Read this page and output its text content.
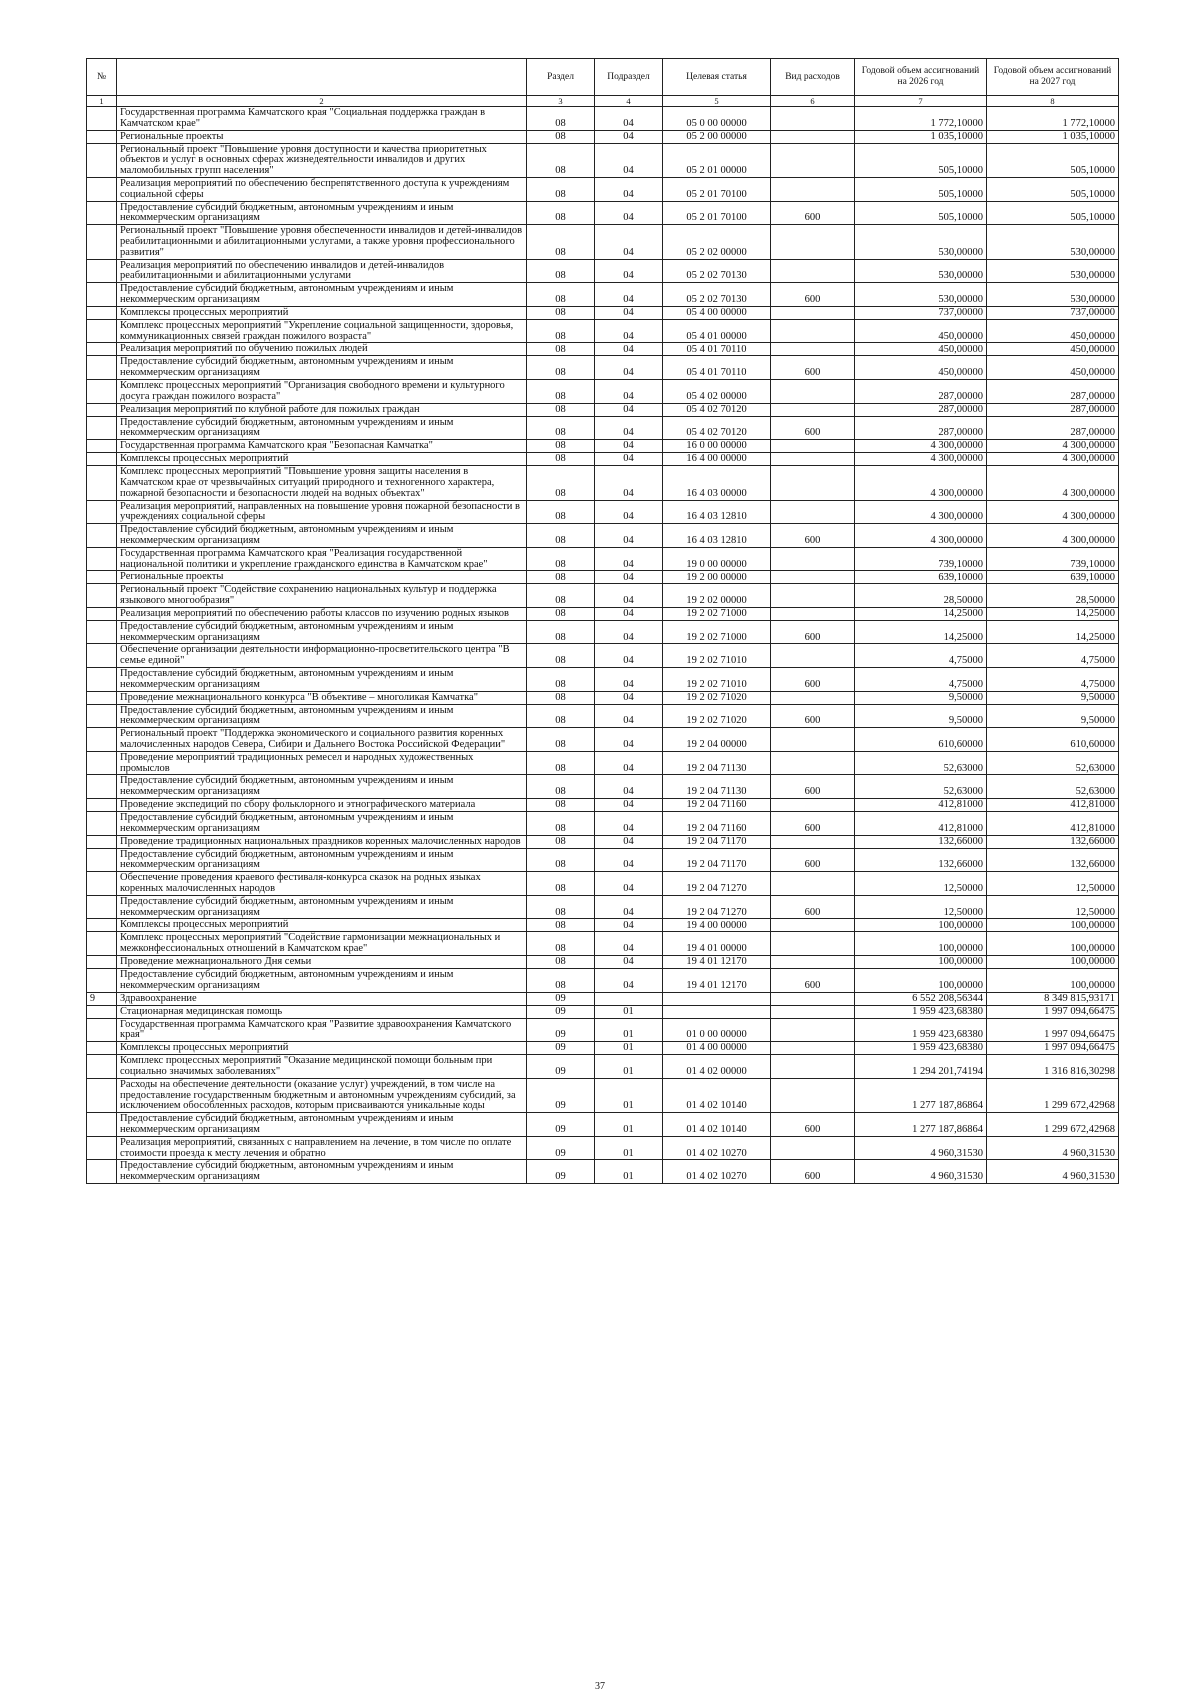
№		Раздел	Подраздел	Целевая статья	Вид расходов	Годовой объем ассигнований на 2026 год	Годовой объем ассигнований на 2027 год
1	2	3	4	5	6	7	8
	Государственная программа Камчатского края "Социальная поддержка граждан в Камчатском крае"	08	04	05 0 00 00000		1 772,10000	1 772,10000
	Региональные проекты	08	04	05 2 00 00000		1 035,10000	1 035,10000
	Региональный проект "Повышение уровня доступности и качества приоритетных объектов и услуг в основных сферах жизнедеятельности инвалидов и других маломобильных групп населения"	08	04	05 2 01 00000		505,10000	505,10000
	Реализация мероприятий по обеспечению беспрепятственного доступа к учреждениям социальной сферы	08	04	05 2 01 70100		505,10000	505,10000
	Предоставление субсидий бюджетным, автономным учреждениям и иным некоммерческим организациям	08	04	05 2 01 70100	600	505,10000	505,10000
	Региональный проект "Повышение уровня обеспеченности инвалидов и детей-инвалидов реабилитационными и абилитационными услугами, а также уровня профессионального развития"	08	04	05 2 02 00000		530,00000	530,00000
	Реализация мероприятий по обеспечению инвалидов и детей-инвалидов реабилитационными и абилитационными услугами	08	04	05 2 02 70130		530,00000	530,00000
	Предоставление субсидий бюджетным, автономным учреждениям и иным некоммерческим организациям	08	04	05 2 02 70130	600	530,00000	530,00000
	Комплексы процессных мероприятий	08	04	05 4 00 00000		737,00000	737,00000
	Комплекс процессных мероприятий "Укрепление социальной защищенности, здоровья, коммуникационных связей граждан пожилого возраста"	08	04	05 4 01 00000		450,00000	450,00000
	Реализация мероприятий по обучению пожилых людей	08	04	05 4 01 70110		450,00000	450,00000
	Предоставление субсидий бюджетным, автономным учреждениям и иным некоммерческим организациям	08	04	05 4 01 70110	600	450,00000	450,00000
	Комплекс процессных мероприятий "Организация свободного времени и культурного досуга граждан пожилого возраста"	08	04	05 4 02 00000		287,00000	287,00000
	Реализация мероприятий по клубной работе для пожилых граждан	08	04	05 4 02 70120		287,00000	287,00000
	Предоставление субсидий бюджетным, автономным учреждениям и иным некоммерческим организациям	08	04	05 4 02 70120	600	287,00000	287,00000
	Государственная программа Камчатского края "Безопасная Камчатка"	08	04	16 0 00 00000		4 300,00000	4 300,00000
	Комплексы процессных мероприятий	08	04	16 4 00 00000		4 300,00000	4 300,00000
	Комплекс процессных мероприятий "Повышение уровня защиты населения в Камчатском крае от чрезвычайных ситуаций природного и техногенного характера, пожарной безопасности и безопасности людей на водных объектах"	08	04	16 4 03 00000		4 300,00000	4 300,00000
	Реализация мероприятий, направленных на повышение уровня пожарной безопасности в учреждениях социальной сферы	08	04	16 4 03 12810		4 300,00000	4 300,00000
	Предоставление субсидий бюджетным, автономным учреждениям и иным некоммерческим организациям	08	04	16 4 03 12810	600	4 300,00000	4 300,00000
	Государственная программа Камчатского края "Реализация государственной национальной политики и укрепление гражданского единства в Камчатском крае"	08	04	19 0 00 00000		739,10000	739,10000
	Региональные проекты	08	04	19 2 00 00000		639,10000	639,10000
	Региональный проект "Содействие сохранению национальных культур и поддержка языкового многообразия"	08	04	19 2 02 00000		28,50000	28,50000
	Реализация мероприятий по обеспечению работы классов по изучению родных языков	08	04	19 2 02 71000		14,25000	14,25000
	Предоставление субсидий бюджетным, автономным учреждениям и иным некоммерческим организациям	08	04	19 2 02 71000	600	14,25000	14,25000
	Обеспечение организации деятельности информационно-просветительского центра "В семье единой"	08	04	19 2 02 71010		4,75000	4,75000
	Предоставление субсидий бюджетным, автономным учреждениям и иным некоммерческим организациям	08	04	19 2 02 71010	600	4,75000	4,75000
	Проведение межнационального конкурса "В объективе – многоликая Камчатка"	08	04	19 2 02 71020		9,50000	9,50000
	Предоставление субсидий бюджетным, автономным учреждениям и иным некоммерческим организациям	08	04	19 2 02 71020	600	9,50000	9,50000
	Региональный проект "Поддержка экономического и социального развития коренных малочисленных народов Севера, Сибири и Дальнего Востока Российской Федерации"	08	04	19 2 04 00000		610,60000	610,60000
	Проведение мероприятий традиционных ремесел и народных художественных промыслов	08	04	19 2 04 71130		52,63000	52,63000
	Предоставление субсидий бюджетным, автономным учреждениям и иным некоммерческим организациям	08	04	19 2 04 71130	600	52,63000	52,63000
	Проведение экспедиций по сбору фольклорного и этнографического материала	08	04	19 2 04 71160		412,81000	412,81000
	Предоставление субсидий бюджетным, автономным учреждениям и иным некоммерческим организациям	08	04	19 2 04 71160	600	412,81000	412,81000
	Проведение традиционных национальных праздников коренных малочисленных народов	08	04	19 2 04 71170		132,66000	132,66000
	Предоставление субсидий бюджетным, автономным учреждениям и иным некоммерческим организациям	08	04	19 2 04 71170	600	132,66000	132,66000
	Обеспечение проведения краевого фестиваля-конкурса сказок на родных языках коренных малочисленных народов	08	04	19 2 04 71270		12,50000	12,50000
	Предоставление субсидий бюджетным, автономным учреждениям и иным некоммерческим организациям	08	04	19 2 04 71270	600	12,50000	12,50000
	Комплексы процессных мероприятий	08	04	19 4 00 00000		100,00000	100,00000
	Комплекс процессных мероприятий "Содействие гармонизации межнациональных и межконфессиональных отношений в Камчатском крае"	08	04	19 4 01 00000		100,00000	100,00000
	Проведение межнационального Дня семьи	08	04	19 4 01 12170		100,00000	100,00000
	Предоставление субсидий бюджетным, автономным учреждениям и иным некоммерческим организациям	08	04	19 4 01 12170	600	100,00000	100,00000
9	Здравоохранение	09				6 552 208,56344	8 349 815,93171
	Стационарная медицинская помощь	09	01			1 959 423,68380	1 997 094,66475
	Государственная программа Камчатского края "Развитие здравоохранения Камчатского края"	09	01	01 0 00 00000		1 959 423,68380	1 997 094,66475
	Комплексы процессных мероприятий	09	01	01 4 00 00000		1 959 423,68380	1 997 094,66475
	Комплекс процессных мероприятий "Оказание медицинской помощи больным при социально значимых заболеваниях"	09	01	01 4 02 00000		1 294 201,74194	1 316 816,30298
	Расходы на обеспечение деятельности (оказание услуг) учреждений, в том числе на предоставление государственным бюджетным и автономным учреждениям субсидий, за исключением обособленных расходов, которым присваиваются уникальные коды	09	01	01 4 02 10140		1 277 187,86864	1 299 672,42968
	Предоставление субсидий бюджетным, автономным учреждениям и иным некоммерческим организациям	09	01	01 4 02 10140	600	1 277 187,86864	1 299 672,42968
	Реализация мероприятий, связанных с направлением на лечение, в том числе по оплате стоимости проезда к месту лечения и обратно	09	01	01 4 02 10270		4 960,31530	4 960,31530
	Предоставление субсидий бюджетным, автономным учреждениям и иным некоммерческим организациям	09	01	01 4 02 10270	600	4 960,31530	4 960,31530
37
